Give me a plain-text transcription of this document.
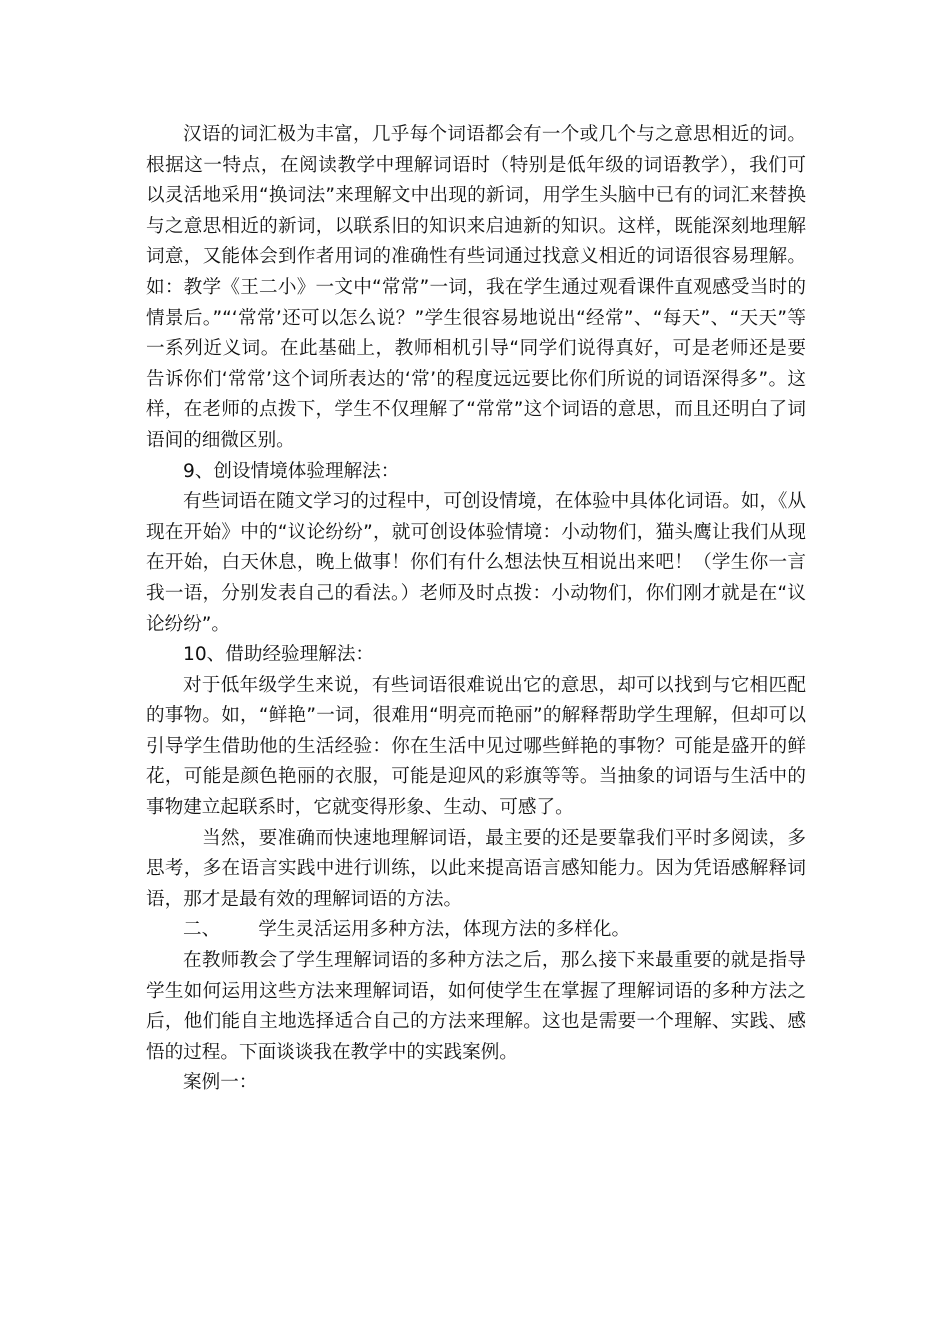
汉语的词汇极为丰富，几乎每个词语都会有一个或几个与之意思相近的词。根据这一特点，在阅读教学中理解词语时（特别是低年级的词语教学），我们可以灵活地采用“换词法”来理解文中出现的新词，用学生头脑中已有的词汇来替换与之意思相近的新词，以联系旧的知识来启迪新的知识。这样，既能深刻地理解词意，又能体会到作者用词的准确性有些词通过找意义相近的词语很容易理解。如：教学《王二小》一文中“常常”一词，我在学生通过观看课件直观感受当时的情景后。”“‘常常’还可以怎么说？”学生很容易地说出“经常”、“每天”、“天天”等一系列近义词。在此基础上，教师相机引导“同学们说得真好，可是老师还是要告诉你们‘常常’这个词所表达的‘常’的程度远远要比你们所说的词语深得多”。这样，在老师的点拨下，学生不仅理解了“常常”这个词语的意思，而且还明白了词语间的细微区别。

9、创设情境体验理解法：

有些词语在随文学习的过程中，可创设情境，在体验中具体化词语。如，《从现在开始》中的“议论纷纷”，就可创设体验情境：小动物们，猫头鹰让我们从现在开始，白天休息，晚上做事！你们有什么想法快互相说出来吧！（学生你一言我一语，分别发表自己的看法。）老师及时点拨：小动物们，你们刚才就是在“议论纷纷”。

10、借助经验理解法：

对于低年级学生来说，有些词语很难说出它的意思，却可以找到与它相匹配的事物。如，“鲜艳”一词，很难用“明亮而艳丽”的解释帮助学生理解，但却可以引导学生借助他的生活经验：你在生活中见过哪些鲜艳的事物？可能是盛开的鲜花，可能是颜色艳丽的衣服，可能是迎风的彩旗等等。当抽象的词语与生活中的事物建立起联系时，它就变得形象、生动、可感了。

当然，要准确而快速地理解词语，最主要的还是要靠我们平时多阅读，多思考，多在语言实践中进行训练，以此来提高语言感知能力。因为凭语感解释词语，那才是最有效的理解词语的方法。

二、 学生灵活运用多种方法，体现方法的多样化。

在教师教会了学生理解词语的多种方法之后，那么接下来最重要的就是指导学生如何运用这些方法来理解词语，如何使学生在掌握了理解词语的多种方法之后，他们能自主地选择适合自己的方法来理解。这也是需要一个理解、实践、感悟的过程。下面谈谈我在教学中的实践案例。

案例一：
